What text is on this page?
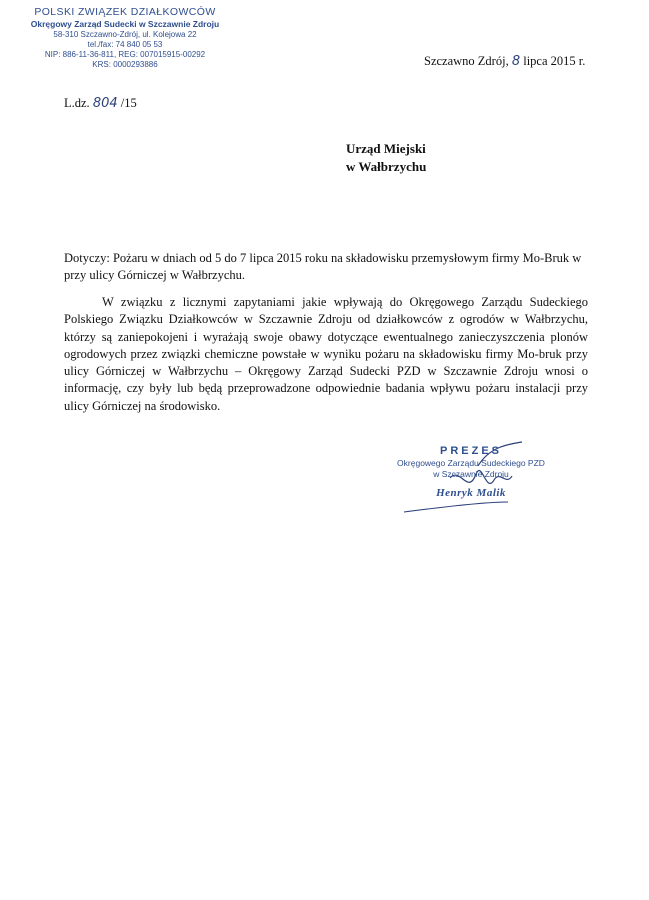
POLSKI ZWIĄZEK DZIAŁKOWCÓW
Okręgowy Zarząd Sudecki w Szczawnie Zdroju
58-310 Szczawno-Zdrój, ul. Kolejowa 22
tel./fax: 74 840 05 53
NIP: 886-11-36-811, REG: 007015915-00292
KRS: 0000293886	Szczawno Zdrój, 8 lipca 2015 r.
L.dz. 804 /15
Urząd Miejski
w Wałbrzychu
Dotyczy: Pożaru w dniach od 5 do 7 lipca 2015 roku na składowisku przemysłowym firmy Mo-Bruk w przy ulicy Górniczej w Wałbrzychu.

W związku z licznymi zapytaniami jakie wpływają do Okręgowego Zarządu Sudeckiego Polskiego Związku Działkowców w Szczawnie Zdroju od działkowców z ogrodów w Wałbrzychu, którzy są zaniepokojeni i wyrażają swoje obawy dotyczące ewentualnego zanieczyszczenia plonów ogrodowych przez związki chemiczne powstałe w wyniku pożaru na składowisku firmy Mo-bruk przy ulicy Górniczej w Wałbrzychu – Okręgowy Zarząd Sudecki PZD w Szczawnie Zdroju wnosi o informację, czy były lub będą przeprowadzone odpowiednie badania wpływu pożaru instalacji przy ulicy Górniczej na środowisko.

PREZES
Okręgowego Zarządu Sudeckiego PZD
w Szczawnie Zdroju
Henryk Malik
